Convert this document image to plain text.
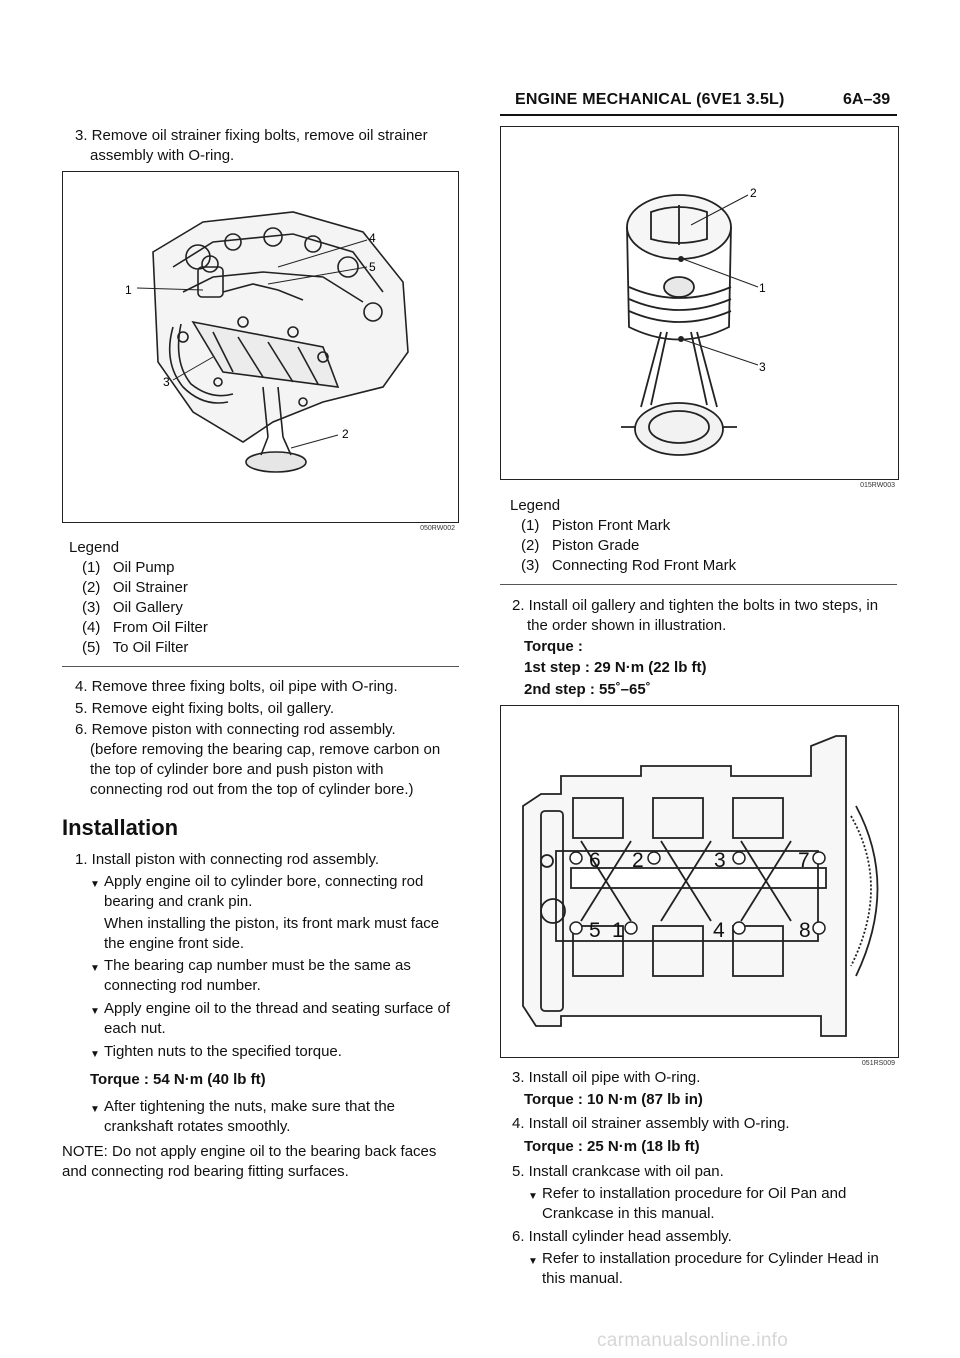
ENGINE MECHANICAL (6VE1 3.5L)	6A–39
3. Remove oil strainer fixing bolts, remove oil strainer
assembly with O-ring.
1
2
3
4
5
050RW002
Legend
(1)   Oil Pump
(2)   Oil Strainer
(3)   Oil Gallery
(4)   From Oil Filter
(5)   To Oil Filter
4. Remove three fixing bolts, oil pipe with O-ring.
5. Remove eight fixing bolts, oil gallery.
6. Remove piston with connecting rod assembly.
(before removing the bearing cap, remove carbon on
the top of cylinder bore and push piston with
connecting rod out from the top of cylinder bore.)
Installation
1. Install piston with connecting rod assembly.
▼ Apply engine oil to cylinder bore, connecting rod
bearing and crank pin.
When installing the piston, its front mark must face
the engine front side.
▼ The bearing cap number must be the same as
connecting rod number.
▼ Apply engine oil to the thread and seating surface of
each nut.
▼ Tighten nuts to the specified torque.
Torque : 54 N·m (40 lb ft)
▼ After tightening the nuts, make sure that the
crankshaft rotates smoothly.
NOTE: Do not apply engine oil to the bearing back faces
and connecting rod bearing fitting surfaces.
2
1
3
015RW003
Legend
(1)   Piston Front Mark
(2)   Piston Grade
(3)   Connecting Rod Front Mark
2. Install oil gallery and tighten the bolts in two steps, in
the order shown in illustration.
Torque :
1st step : 29 N·m (22 lb ft)
2nd step : 55˚–65˚
6 2	3	7
5 1	4	8
051RS009
3. Install oil pipe with O-ring.
Torque : 10 N·m (87 lb in)
4. Install oil strainer assembly with O-ring.
Torque : 25 N·m (18 lb ft)
5. Install crankcase with oil pan.
▼ Refer to installation procedure for Oil Pan and
Crankcase in this manual.
6. Install cylinder head assembly.
▼ Refer to installation procedure for Cylinder Head in
this manual.
carmanualsonline.info
